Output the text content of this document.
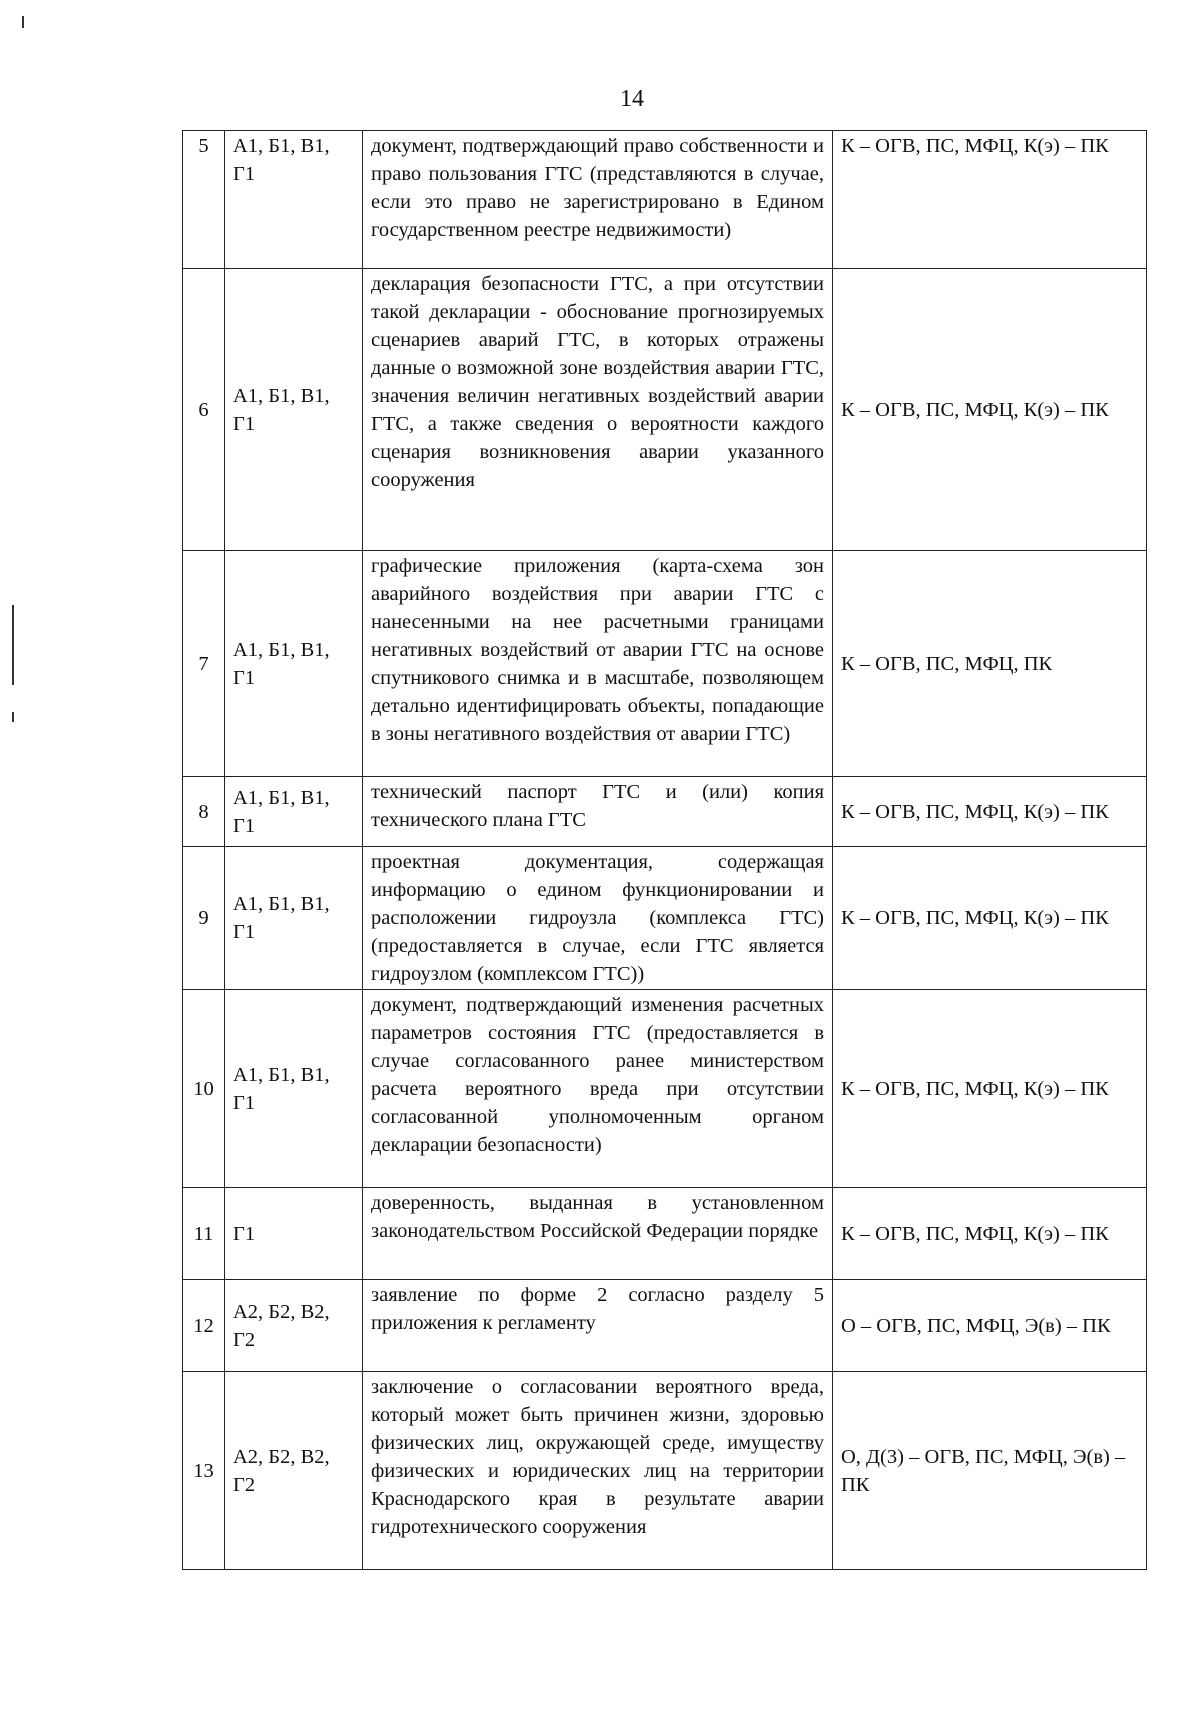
14
5	А1, Б1, В1, Г1	документ, подтверждающий право собственности и право пользования ГТС (представляются в случае, если это право не зарегистрировано в Едином государственном реестре недвижимости)	К – ОГВ, ПС, МФЦ, К(э) – ПК
6	А1, Б1, В1, Г1	декларация безопасности ГТС, а при отсутствии такой декларации - обоснование прогнозируемых сценариев аварий ГТС, в которых отражены данные о возможной зоне воздействия аварии ГТС, значения величин негативных воздействий аварии ГТС, а также сведения о вероятности каждого сценария возникновения аварии указанного сооружения	К – ОГВ, ПС, МФЦ, К(э) – ПК
7	А1, Б1, В1, Г1	графические приложения (карта-схема зон аварийного воздействия при аварии ГТС с нанесенными на нее расчетными границами негативных воздействий от аварии ГТС на основе спутникового снимка и в масштабе, позволяющем детально идентифицировать объекты, попадающие в зоны негативного воздействия от аварии ГТС)	К – ОГВ, ПС, МФЦ, ПК
8	А1, Б1, В1, Г1	технический паспорт ГТС и (или) копия технического плана ГТС	К – ОГВ, ПС, МФЦ, К(э) – ПК
9	А1, Б1, В1, Г1	проектная документация, содержащая информацию о едином функционировании и расположении гидроузла (комплекса ГТС) (предоставляется в случае, если ГТС является гидроузлом (комплексом ГТС))	К – ОГВ, ПС, МФЦ, К(э) – ПК
10	А1, Б1, В1, Г1	документ, подтверждающий изменения расчетных параметров состояния ГТС (предоставляется в случае согласованного ранее министерством расчета вероятного вреда при отсутствии согласованной уполномоченным органом декларации безопасности)	К – ОГВ, ПС, МФЦ, К(э) – ПК
11	Г1	доверенность, выданная в установленном законодательством Российской Федерации порядке	К – ОГВ, ПС, МФЦ, К(э) – ПК
12	А2, Б2, В2, Г2	заявление по форме 2 согласно разделу 5 приложения к регламенту	О – ОГВ, ПС, МФЦ, Э(в) – ПК
13	А2, Б2, В2, Г2	заключение о согласовании вероятного вреда, который может быть причинен жизни, здоровью физических лиц, окружающей среде, имуществу физических и юридических лиц на территории Краснодарского края в результате аварии гидротехнического сооружения	О, Д(3) – ОГВ, ПС, МФЦ, Э(в) – ПК
